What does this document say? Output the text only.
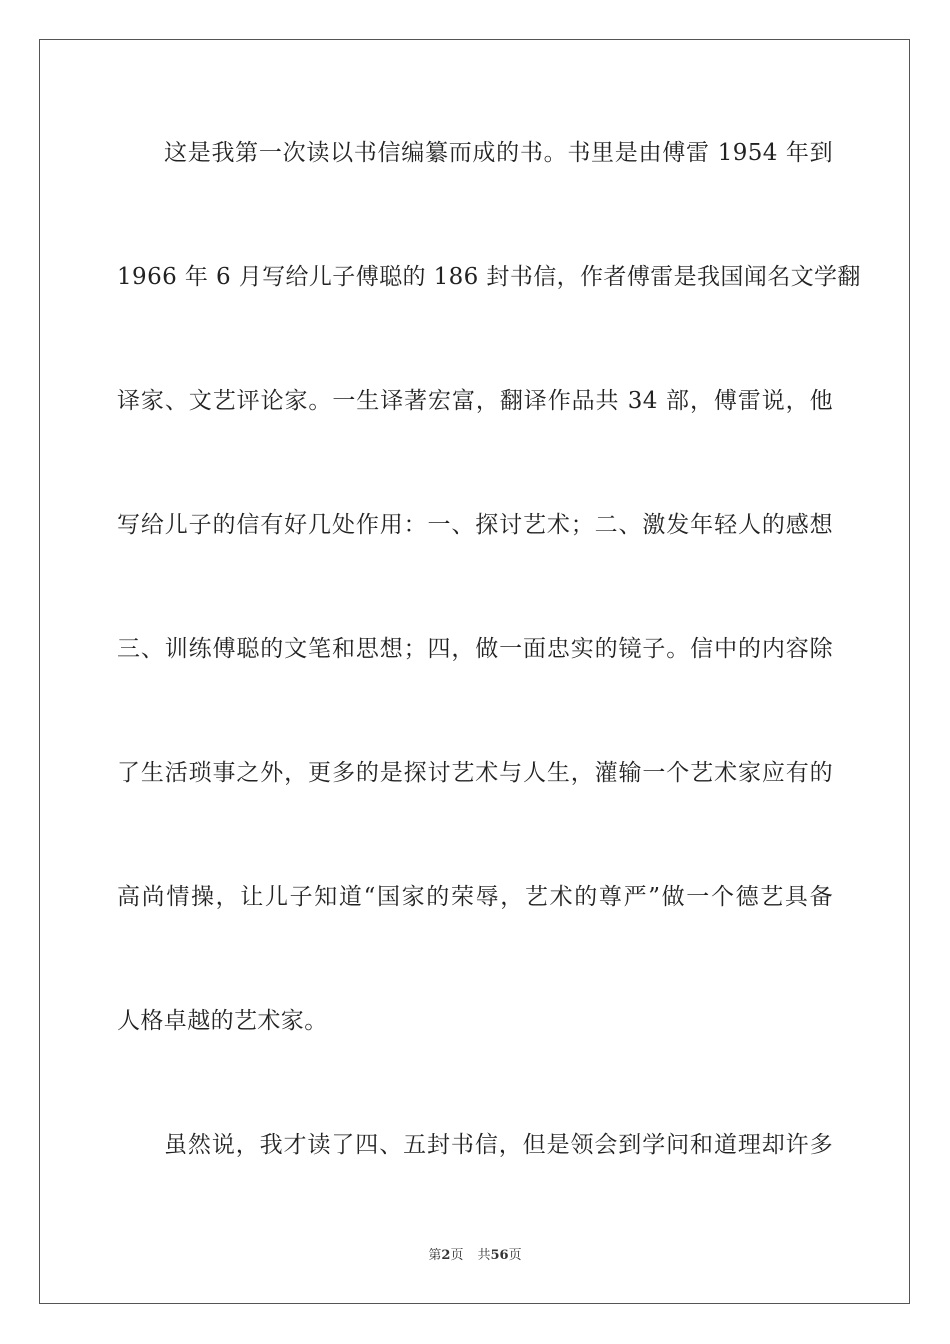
这是我第一次读以书信编纂而成的书。书里是由傅雷 1954 年到
1966 年 6 月写给儿子傅聪的 186 封书信，作者傅雷是我国闻名文学翻
译家、文艺评论家。一生译著宏富，翻译作品共 34 部，傅雷说，他
写给儿子的信有好几处作用：一、探讨艺术；二、激发年轻人的感想
三、训练傅聪的文笔和思想；四，做一面忠实的镜子。信中的内容除
了生活琐事之外，更多的是探讨艺术与人生，灌输一个艺术家应有的
高尚情操，让儿子知道“国家的荣辱，艺术的尊严”做一个德艺具备
人格卓越的艺术家。
虽然说，我才读了四、五封书信，但是领会到学问和道理却许多
第2页 共56页
